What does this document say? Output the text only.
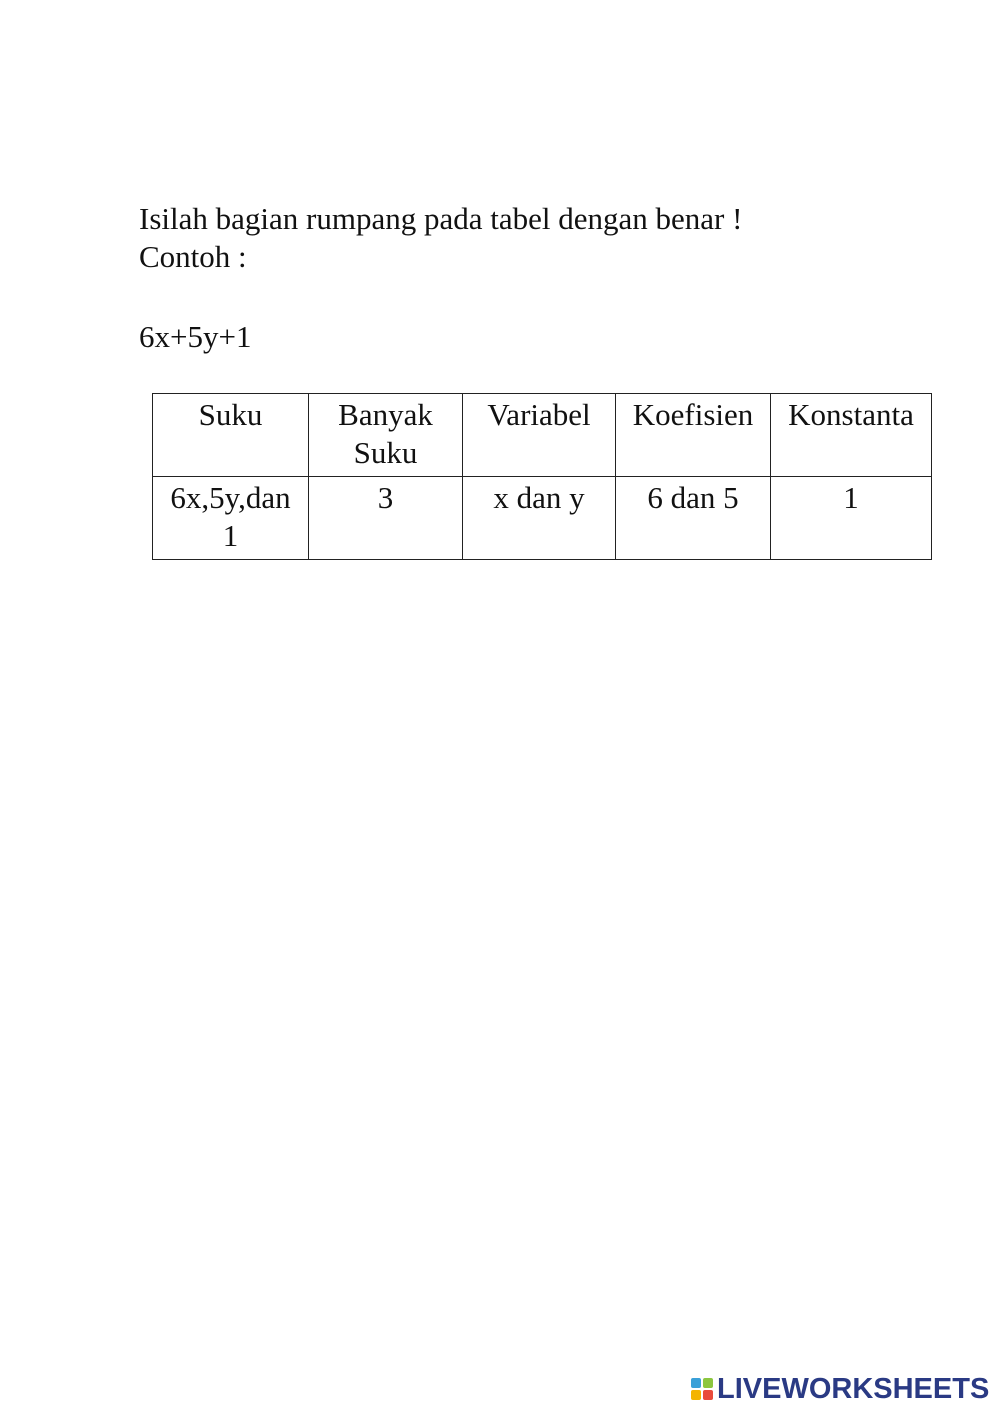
Isilah bagian rumpang pada tabel dengan benar !
Contoh :

6x+5y+1

Suku	Banyak Suku	Variabel	Koefisien	Konstanta

6x,5y,dan 1	3	x dan y	6 dan 5	1
LIVEWORKSHEETS
